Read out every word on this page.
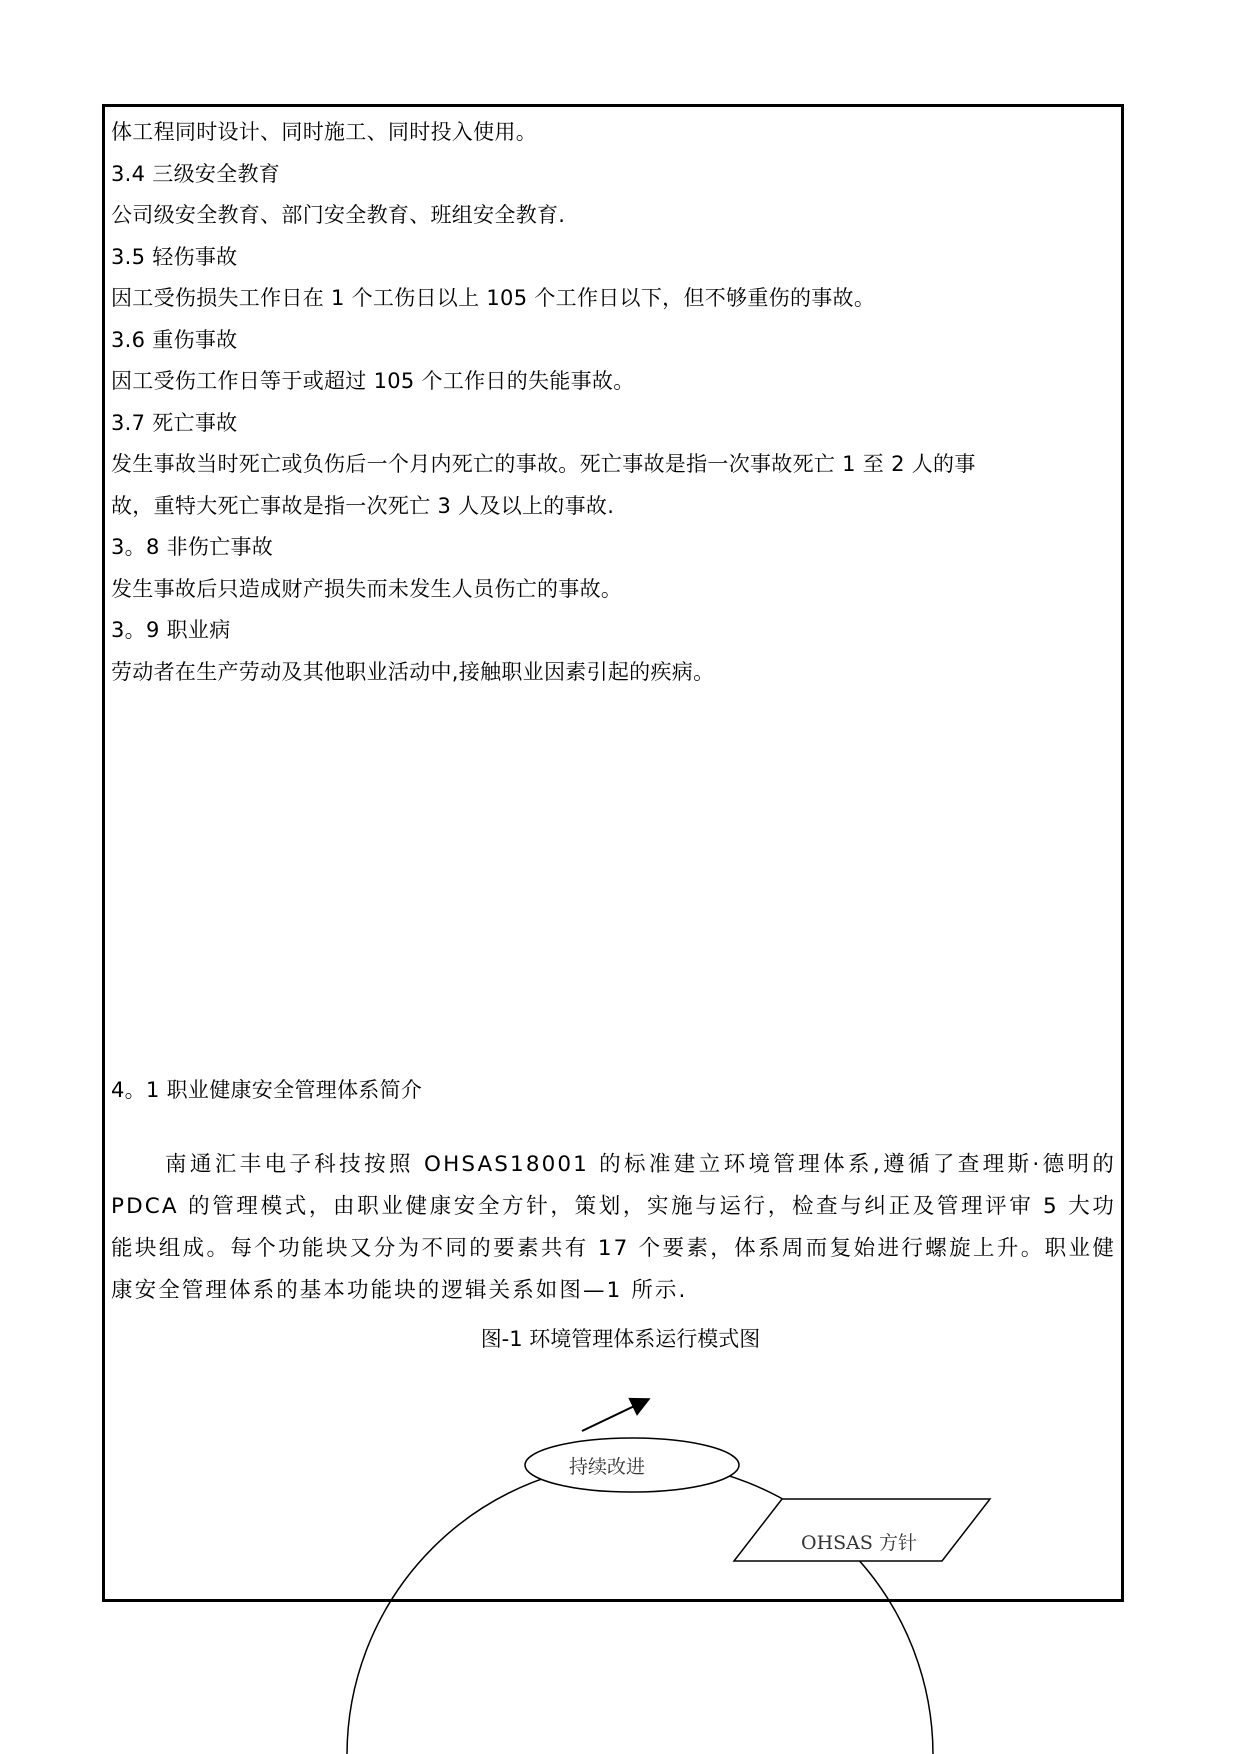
体工程同时设计、同时施工、同时投入使用。
3.4 三级安全教育
公司级安全教育、部门安全教育、班组安全教育.
3.5 轻伤事故
因工受伤损失工作日在 1 个工伤日以上 105 个工作日以下，但不够重伤的事故。
3.6 重伤事故
因工受伤工作日等于或超过 105 个工作日的失能事故。
3.7 死亡事故
发生事故当时死亡或负伤后一个月内死亡的事故。死亡事故是指一次事故死亡 1 至 2 人的事
故，重特大死亡事故是指一次死亡 3 人及以上的事故.
3。8 非伤亡事故
发生事故后只造成财产损失而未发生人员伤亡的事故。
3。9 职业病
劳动者在生产劳动及其他职业活动中,接触职业因素引起的疾病。
4。1 职业健康安全管理体系简介
南通汇丰电子科技按照 OHSAS18001 的标准建立环境管理体系,遵循了查理斯·德明的 PDCA 的管理模式，由职业健康安全方针，策划，实施与运行，检查与纠正及管理评审 5 大功能块组成。每个功能块又分为不同的要素共有 17 个要素，体系周而复始进行螺旋上升。职业健康安全管理体系的基本功能块的逻辑关系如图—1 所示.
图-1 环境管理体系运行模式图
持续改进
OHSAS 方针
